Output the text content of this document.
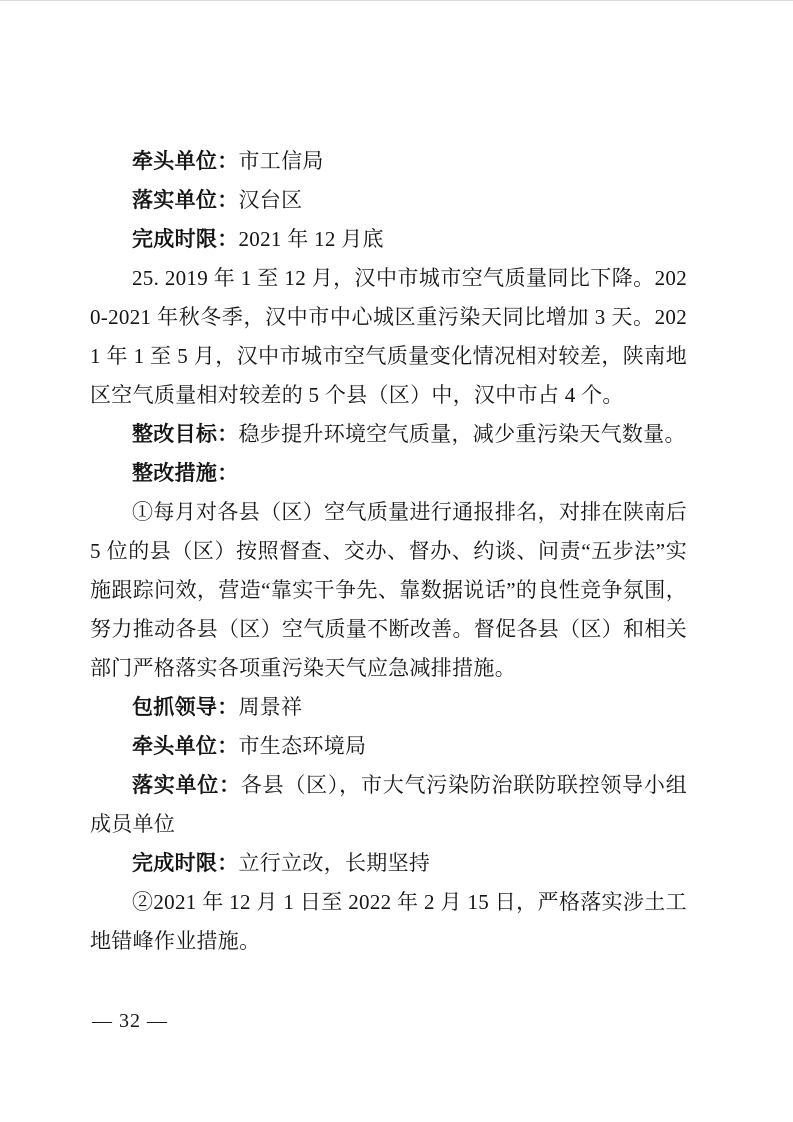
牵头单位：市工信局

落实单位：汉台区

完成时限：2021 年 12 月底

25. 2019 年 1 至 12 月，汉中市城市空气质量同比下降。2020-2021 年秋冬季，汉中市中心城区重污染天同比增加 3 天。2021 年 1 至 5 月，汉中市城市空气质量变化情况相对较差，陕南地区空气质量相对较差的 5 个县（区）中，汉中市占 4 个。

整改目标：稳步提升环境空气质量，减少重污染天气数量。

整改措施：

①每月对各县（区）空气质量进行通报排名，对排在陕南后 5 位的县（区）按照督查、交办、督办、约谈、问责“五步法”实施跟踪问效，营造“靠实干争先、靠数据说话”的良性竞争氛围，努力推动各县（区）空气质量不断改善。督促各县（区）和相关部门严格落实各项重污染天气应急减排措施。

包抓领导：周景祥

牵头单位：市生态环境局

落实单位：各县（区），市大气污染防治联防联控领导小组成员单位

完成时限：立行立改，长期坚持

②2021 年 12 月 1 日至 2022 年 2 月 15 日，严格落实涉土工地错峰作业措施。

— 32 —
